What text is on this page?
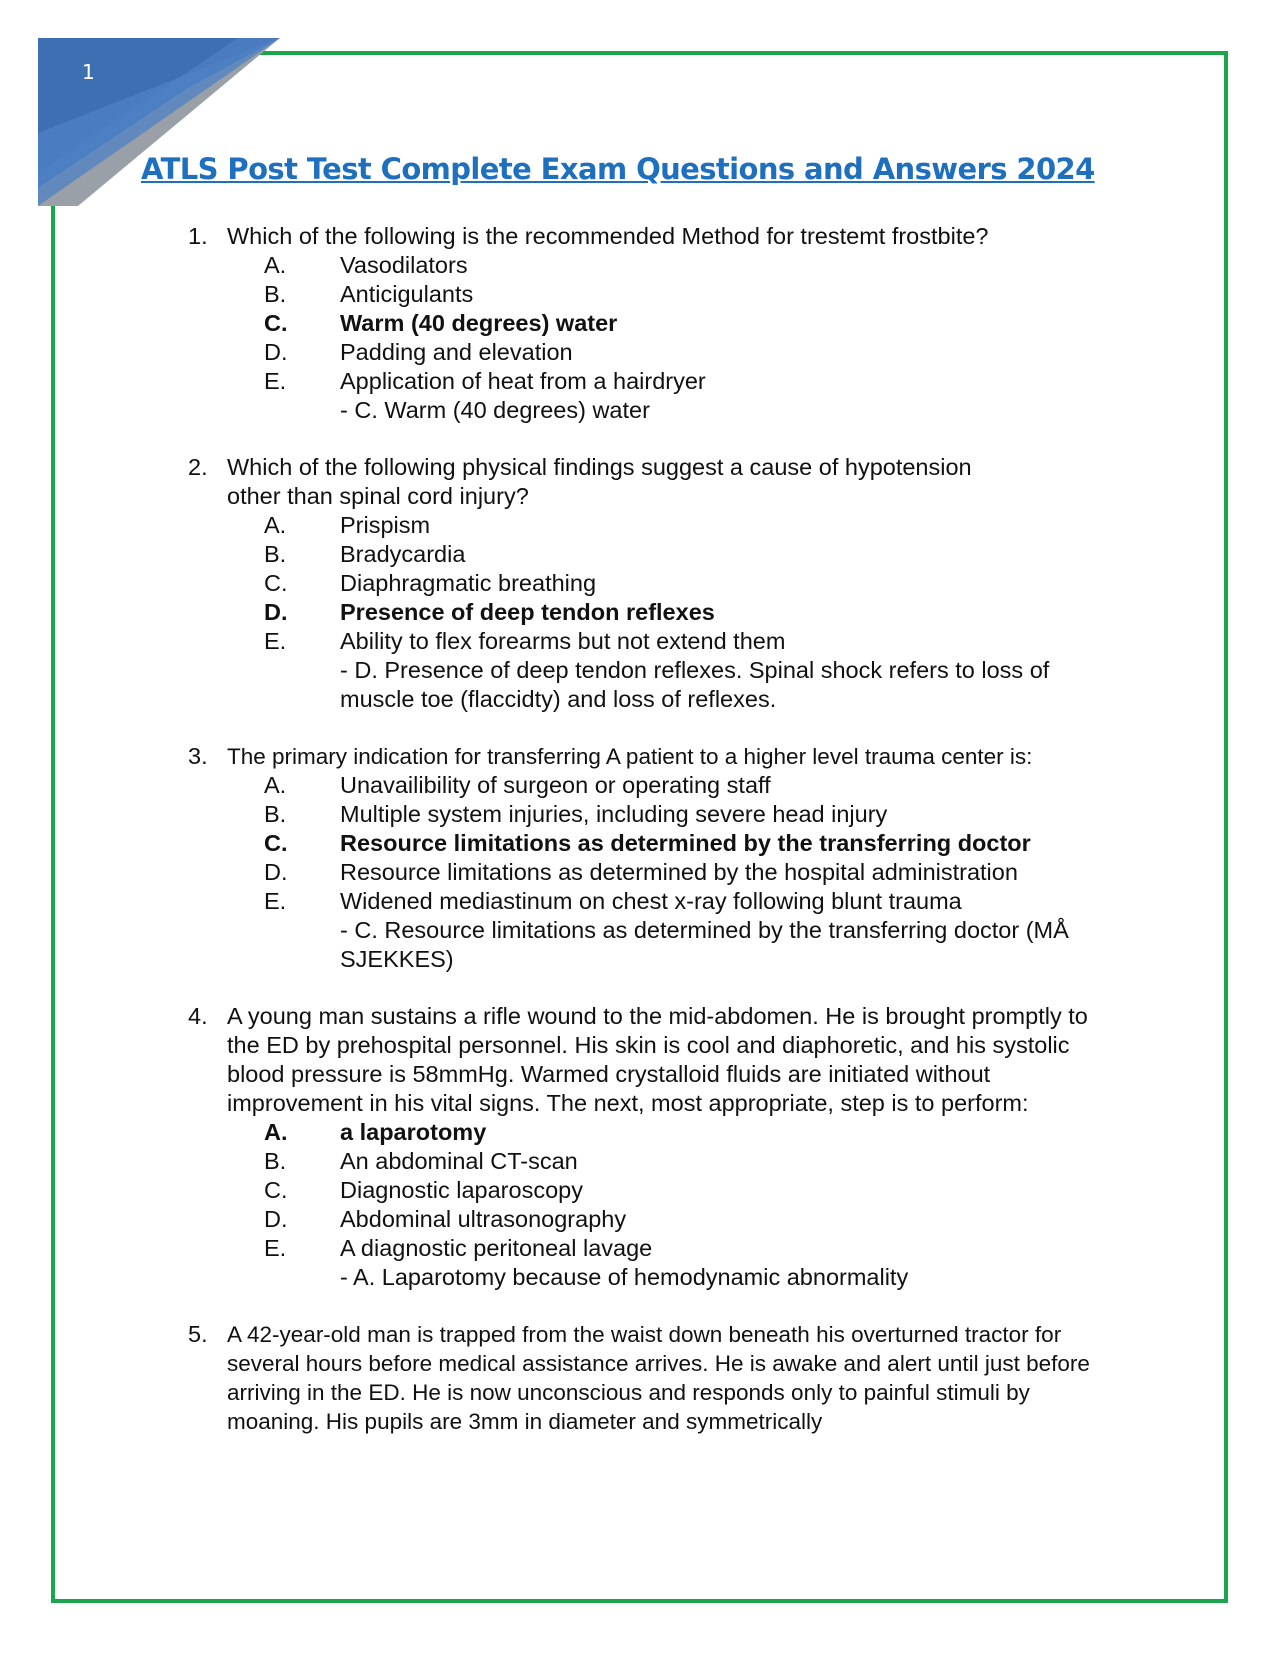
1
ATLS Post Test Complete Exam Questions and Answers 2024
1. Which of the following is the recommended Method for trestemt frostbite?
A. Vasodilators
B. Anticigulants
C. Warm (40 degrees) water
D. Padding and elevation
E. Application of heat from a hairdryer
- C. Warm (40 degrees) water
2. Which of the following physical findings suggest a cause of hypotension other than spinal cord injury?
A. Prispism
B. Bradycardia
C. Diaphragmatic breathing
D. Presence of deep tendon reflexes
E. Ability to flex forearms but not extend them
- D. Presence of deep tendon reflexes. Spinal shock refers to loss of muscle toe (flaccidty) and loss of reflexes.
3. The primary indication for transferring A patient to a higher level trauma center is:
A. Unavailibility of surgeon or operating staff
B. Multiple system injuries, including severe head injury
C. Resource limitations as determined by the transferring doctor
D. Resource limitations as determined by the hospital administration
E. Widened mediastinum on chest x-ray following blunt trauma
- C. Resource limitations as determined by the transferring doctor (MÅ SJEKKES)
4. A young man sustains a rifle wound to the mid-abdomen. He is brought promptly to the ED by prehospital personnel. His skin is cool and diaphoretic, and his systolic blood pressure is 58mmHg. Warmed crystalloid fluids are initiated without improvement in his vital signs. The next, most appropriate, step is to perform:
A. a laparotomy
B. An abdominal CT-scan
C. Diagnostic laparoscopy
D. Abdominal ultrasonography
E. A diagnostic peritoneal lavage
- A. Laparotomy because of hemodynamic abnormality
5. A 42-year-old man is trapped from the waist down beneath his overturned tractor for several hours before medical assistance arrives. He is awake and alert until just before arriving in the ED. He is now unconscious and responds only to painful stimuli by moaning. His pupils are 3mm in diameter and symmetrically
